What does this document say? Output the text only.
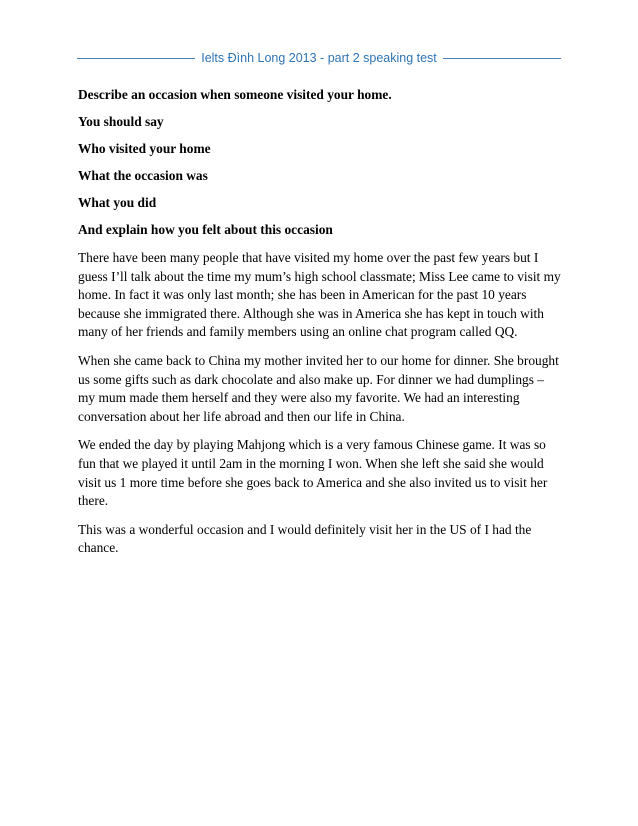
Ielts Đình Long 2013 - part 2 speaking test

Describe an occasion when someone visited your home.

You should say

Who visited your home

What the occasion was

What you did

And explain how you felt about this occasion

There have been many people that have visited my home over the past few years but I guess I’ll talk about the time my mum’s high school classmate; Miss Lee came to visit my home. In fact it was only last month; she has been in American for the past 10 years because she immigrated there. Although she was in America she has kept in touch with many of her friends and family members using an online chat program called QQ.

When she came back to China my mother invited her to our home for dinner. She brought us some gifts such as dark chocolate and also make up. For dinner we had dumplings – my mum made them herself and they were also my favorite. We had an interesting conversation about her life abroad and then our life in China.

We ended the day by playing Mahjong which is a very famous Chinese game. It was so fun that we played it until 2am in the morning I won. When she left she said she would visit us 1 more time before she goes back to America and she also invited us to visit her there.

This was a wonderful occasion and I would definitely visit her in the US of I had the chance.
